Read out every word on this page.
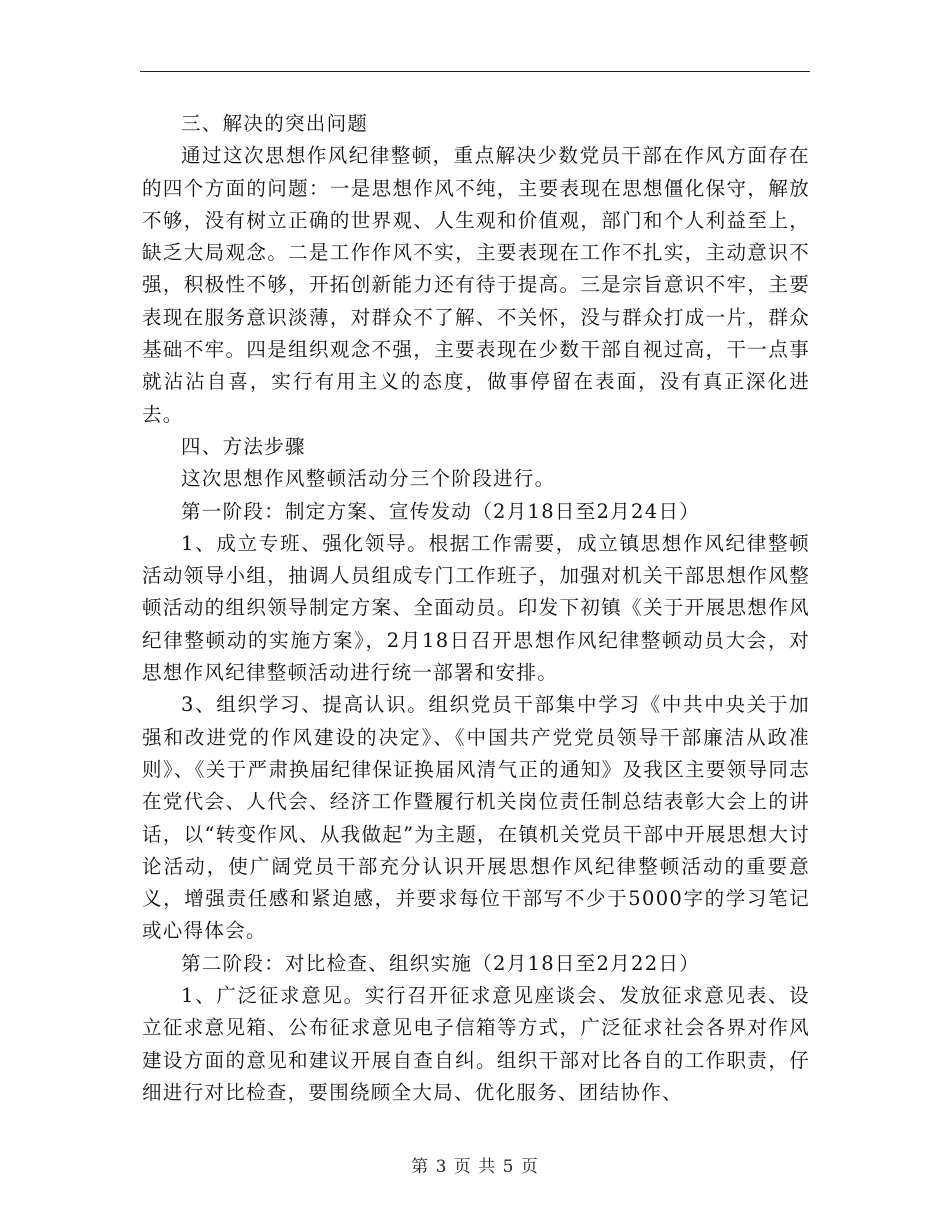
三、解决的突出问题

通过这次思想作风纪律整顿，重点解决少数党员干部在作风方面存在的四个方面的问题：一是思想作风不纯，主要表现在思想僵化保守，解放不够，没有树立正确的世界观、人生观和价值观，部门和个人利益至上，缺乏大局观念。二是工作作风不实，主要表现在工作不扎实，主动意识不强，积极性不够，开拓创新能力还有待于提高。三是宗旨意识不牢，主要表现在服务意识淡薄，对群众不了解、不关怀，没与群众打成一片，群众基础不牢。四是组织观念不强，主要表现在少数干部自视过高，干一点事就沾沾自喜，实行有用主义的态度，做事停留在表面，没有真正深化进去。

四、方法步骤

这次思想作风整顿活动分三个阶段进行。

第一阶段：制定方案、宣传发动（2月18日至2月24日）

1、成立专班、强化领导。根据工作需要，成立镇思想作风纪律整顿活动领导小组，抽调人员组成专门工作班子，加强对机关干部思想作风整顿活动的组织领导制定方案、全面动员。印发下初镇《关于开展思想作风纪律整顿动的实施方案》，2月18日召开思想作风纪律整顿动员大会，对思想作风纪律整顿活动进行统一部署和安排。

3、组织学习、提高认识。组织党员干部集中学习《中共中央关于加强和改进党的作风建设的决定》、《中国共产党党员领导干部廉洁从政准则》、《关于严肃换届纪律保证换届风清气正的通知》及我区主要领导同志在党代会、人代会、经济工作暨履行机关岗位责任制总结表彰大会上的讲话，以“转变作风、从我做起”为主题，在镇机关党员干部中开展思想大讨论活动，使广阔党员干部充分认识开展思想作风纪律整顿活动的重要意义，增强责任感和紧迫感，并要求每位干部写不少于5000字的学习笔记或心得体会。

第二阶段：对比检查、组织实施（2月18日至2月22日）

1、广泛征求意见。实行召开征求意见座谈会、发放征求意见表、设立征求意见箱、公布征求意见电子信箱等方式，广泛征求社会各界对作风建设方面的意见和建议开展自查自纠。组织干部对比各自的工作职责，仔细进行对比检查，要围绕顾全大局、优化服务、团结协作、

第 3 页 共 5 页
